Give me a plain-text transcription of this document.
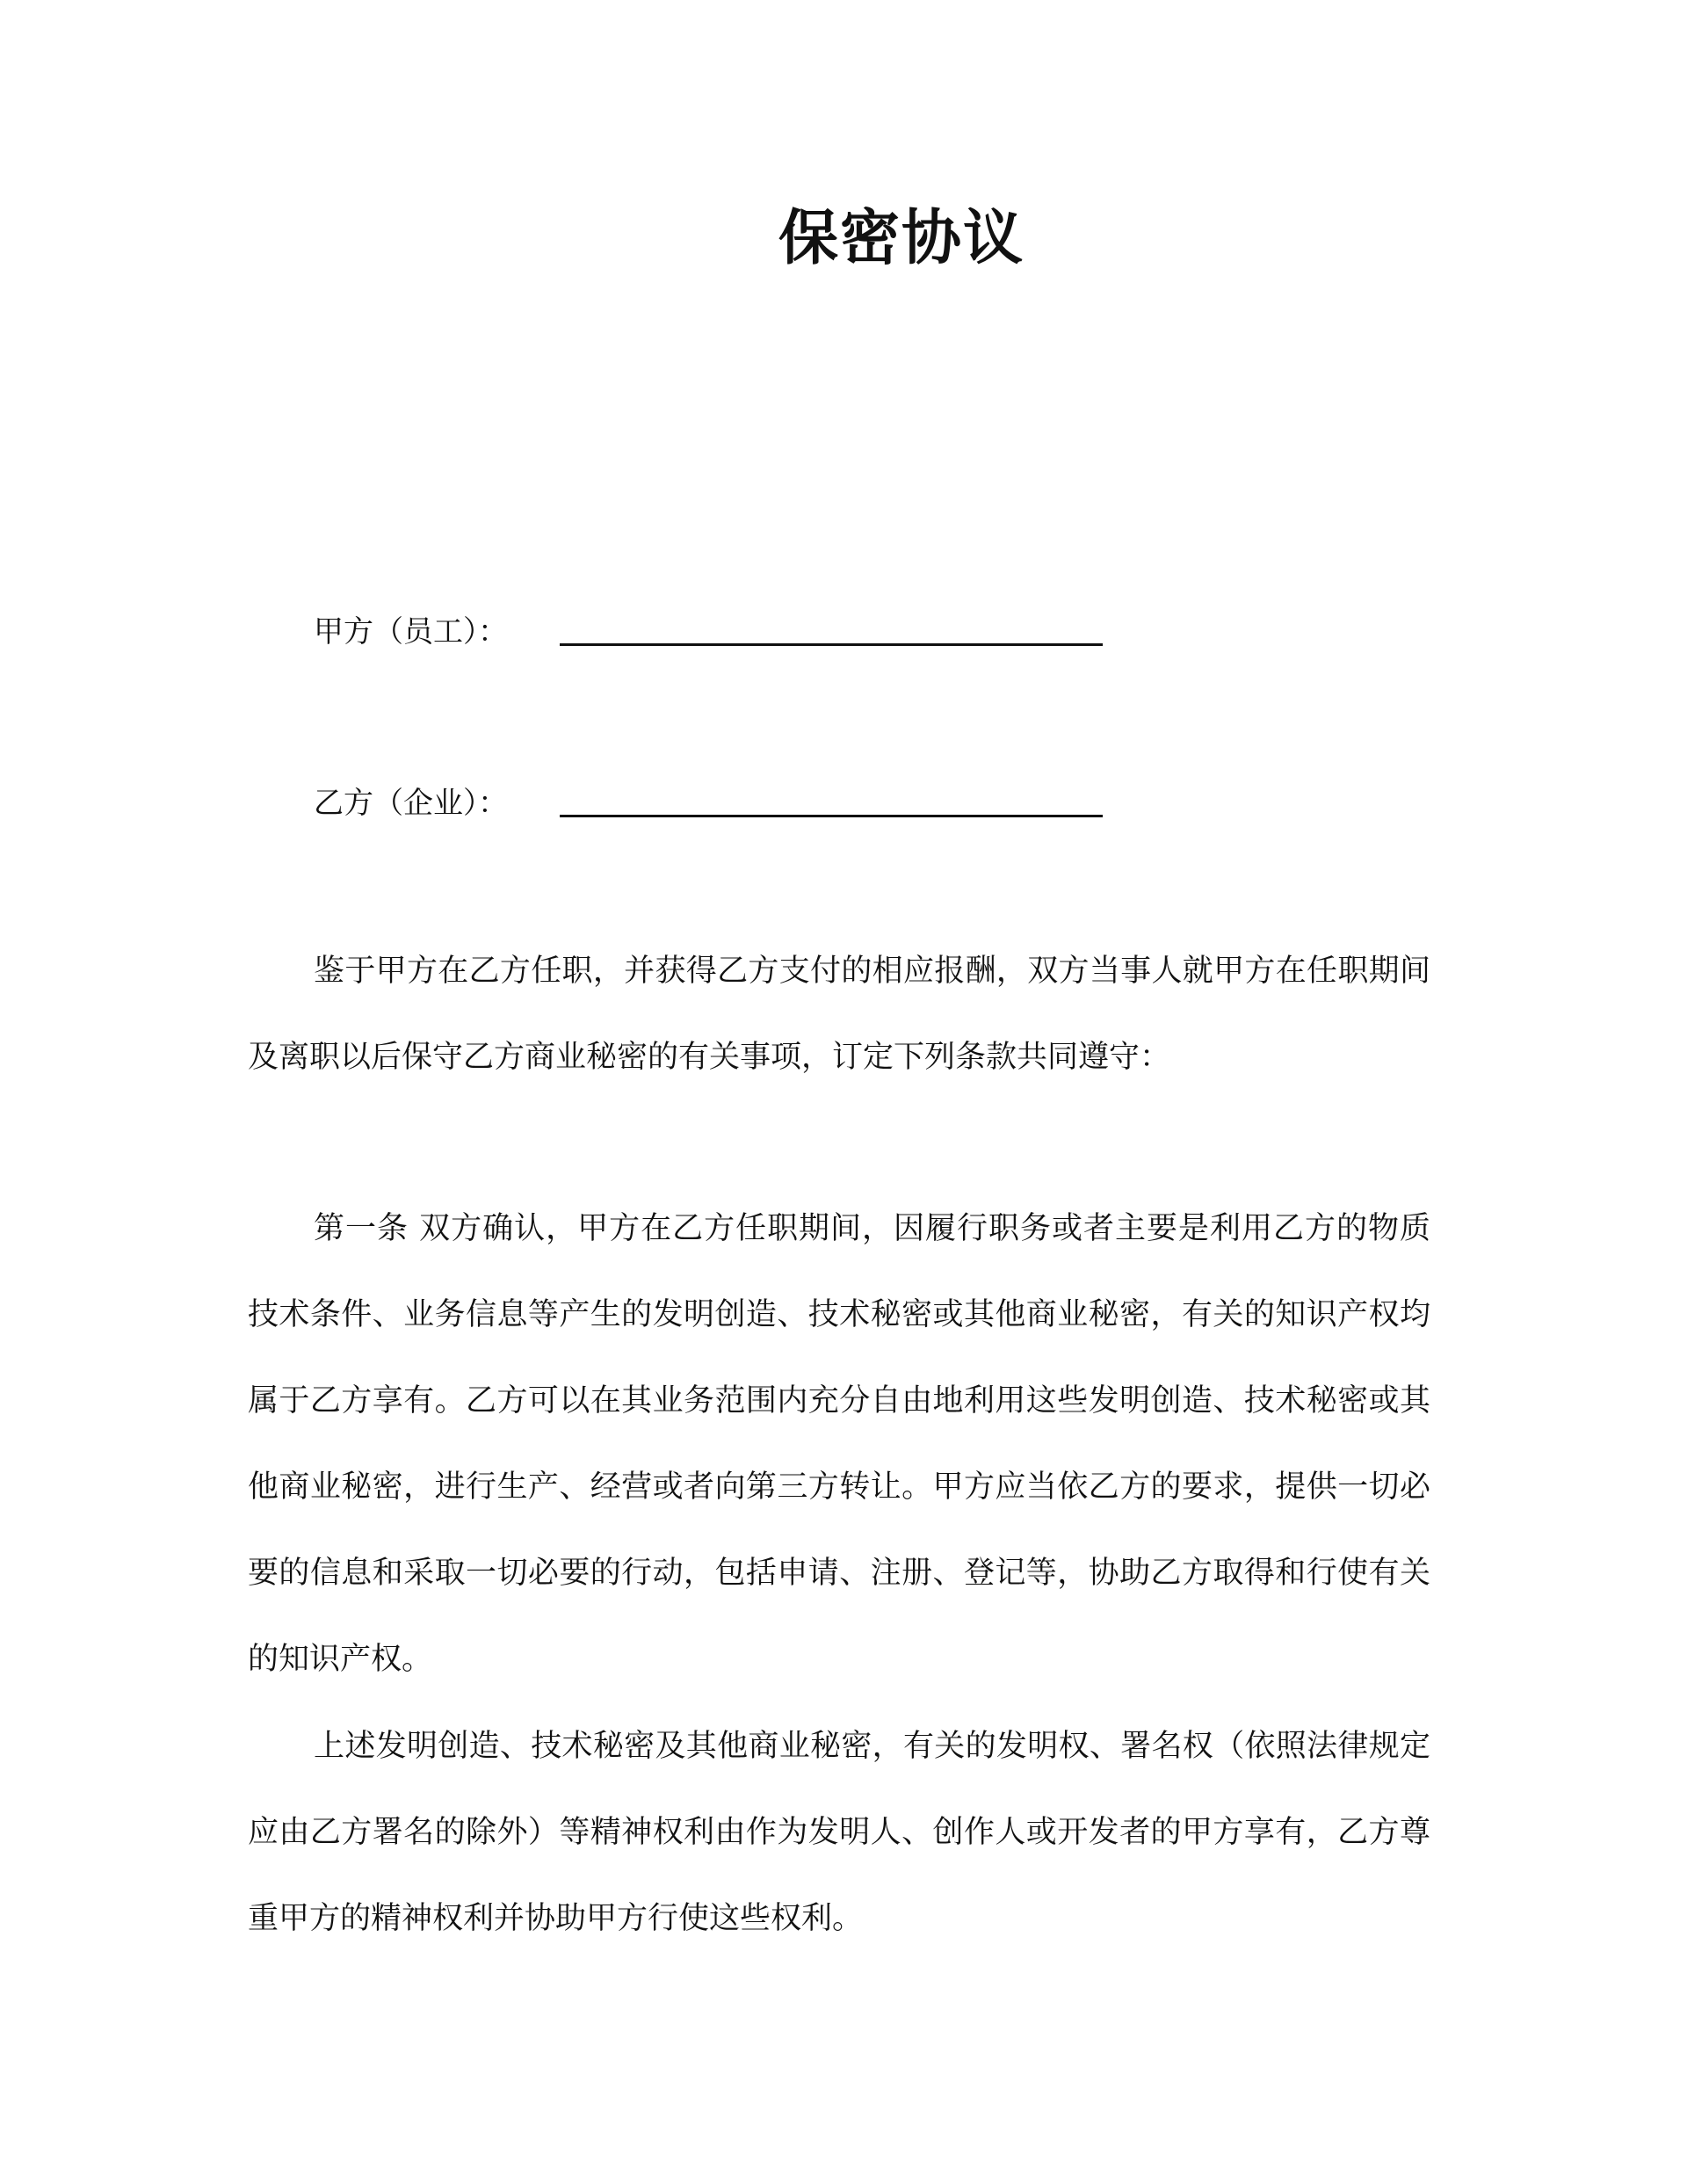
保密协议
甲方（员工）：
乙方（企业）：

鉴于甲方在乙方任职，并获得乙方支付的相应报酬，双方当事人就甲方在任职期间及离职以后保守乙方商业秘密的有关事项，订定下列条款共同遵守：

第一条 双方确认，甲方在乙方任职期间，因履行职务或者主要是利用乙方的物质技术条件、业务信息等产生的发明创造、技术秘密或其他商业秘密，有关的知识产权均属于乙方享有。乙方可以在其业务范围内充分自由地利用这些发明创造、技术秘密或其他商业秘密，进行生产、经营或者向第三方转让。甲方应当依乙方的要求，提供一切必要的信息和采取一切必要的行动，包括申请、注册、登记等，协助乙方取得和行使有关的知识产权。

上述发明创造、技术秘密及其他商业秘密，有关的发明权、署名权（依照法律规定应由乙方署名的除外）等精神权利由作为发明人、创作人或开发者的甲方享有，乙方尊重甲方的精神权利并协助甲方行使这些权利。
